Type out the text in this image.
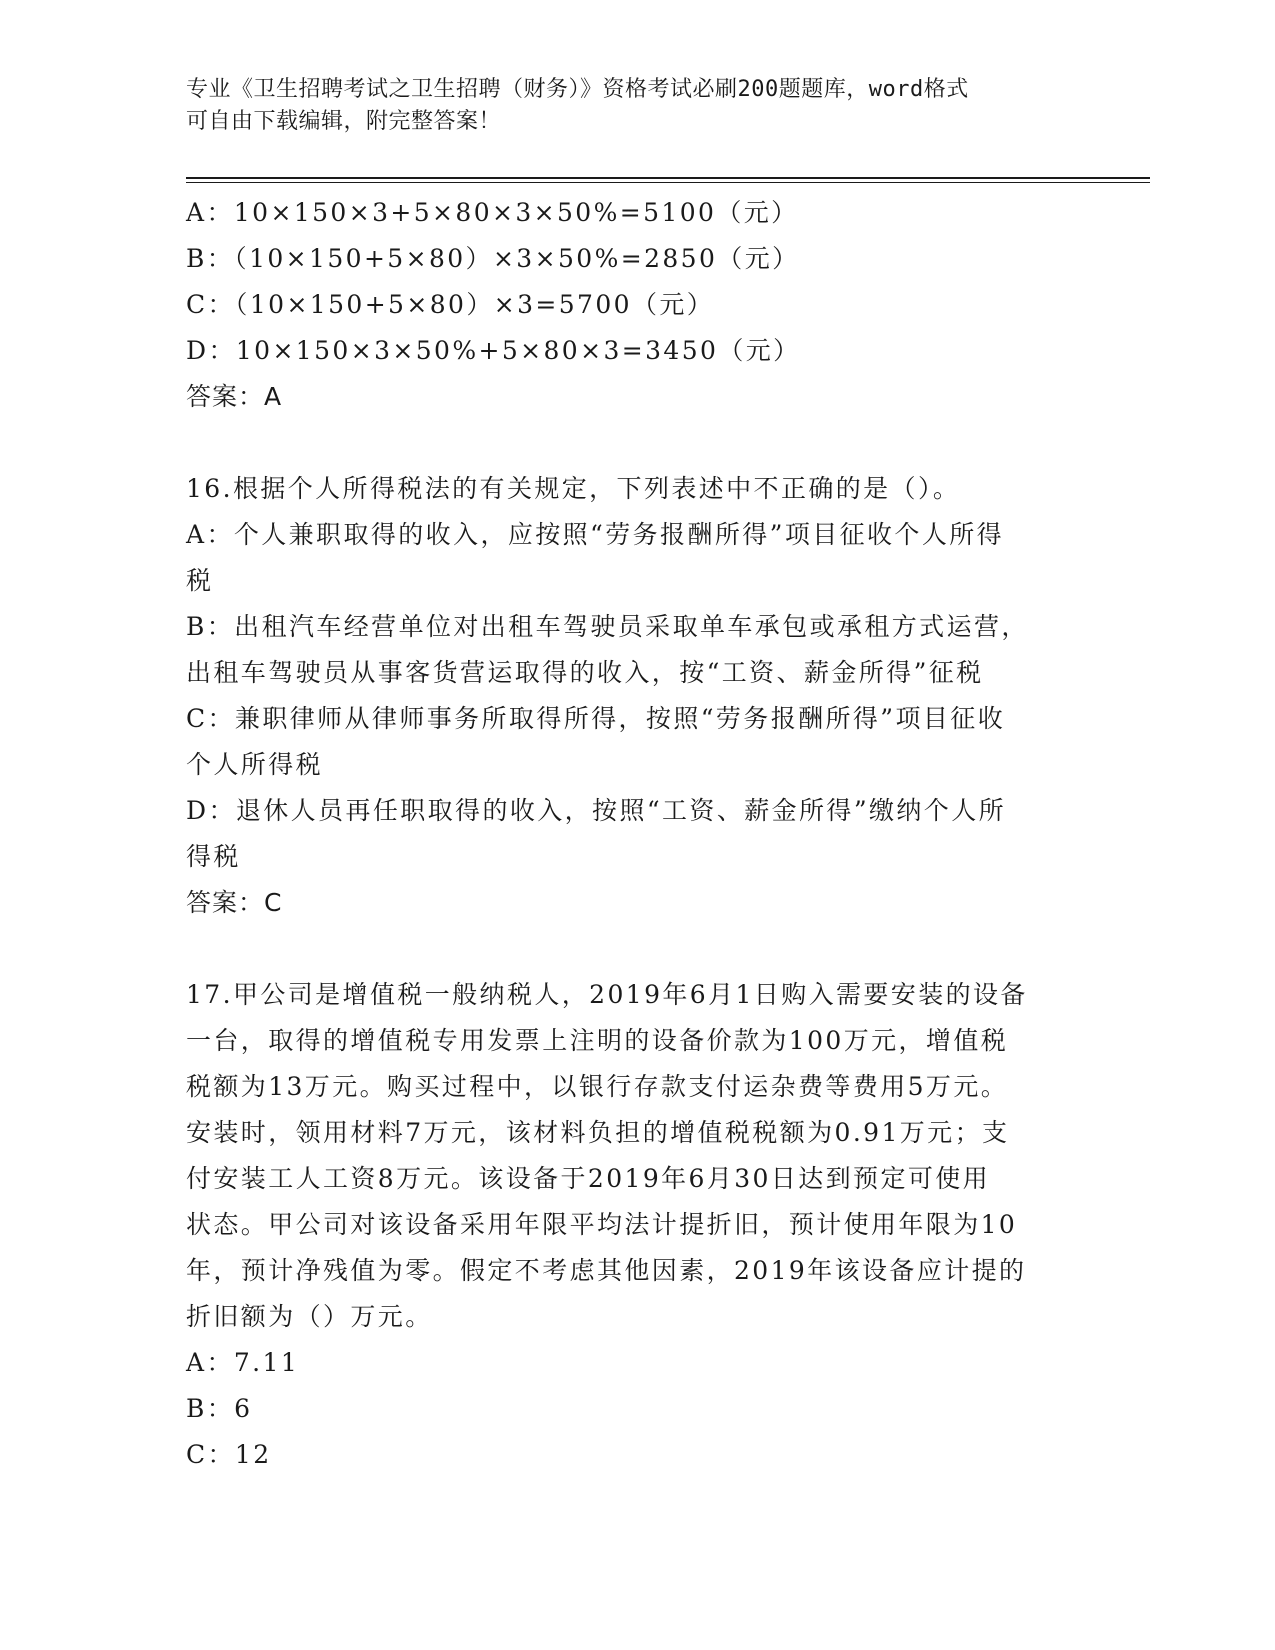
专业《卫生招聘考试之卫生招聘（财务）》资格考试必刷200题题库，word格式
可自由下载编辑，附完整答案！
A：10×150×3+5×80×3×50%=5100（元）
B：（10×150+5×80）×3×50%=2850（元）
C：（10×150+5×80）×3=5700（元）
D：10×150×3×50%+5×80×3=3450（元）
答案：A
16.根据个人所得税法的有关规定，下列表述中不正确的是（）。
A：个人兼职取得的收入，应按照“劳务报酬所得”项目征收个人所得
税
B：出租汽车经营单位对出租车驾驶员采取单车承包或承租方式运营，
出租车驾驶员从事客货营运取得的收入，按“工资、薪金所得”征税
C：兼职律师从律师事务所取得所得，按照“劳务报酬所得”项目征收
个人所得税
D：退休人员再任职取得的收入，按照“工资、薪金所得”缴纳个人所
得税
答案：C
17.甲公司是增值税一般纳税人，2019年6月1日购入需要安装的设备
一台，取得的增值税专用发票上注明的设备价款为100万元，增值税
税额为13万元。购买过程中，以银行存款支付运杂费等费用5万元。
安装时，领用材料7万元，该材料负担的增值税税额为0.91万元；支
付安装工人工资8万元。该设备于2019年6月30日达到预定可使用
状态。甲公司对该设备采用年限平均法计提折旧，预计使用年限为10
年，预计净残值为零。假定不考虑其他因素，2019年该设备应计提的
折旧额为（）万元。
A：7.11
B：6
C：12
